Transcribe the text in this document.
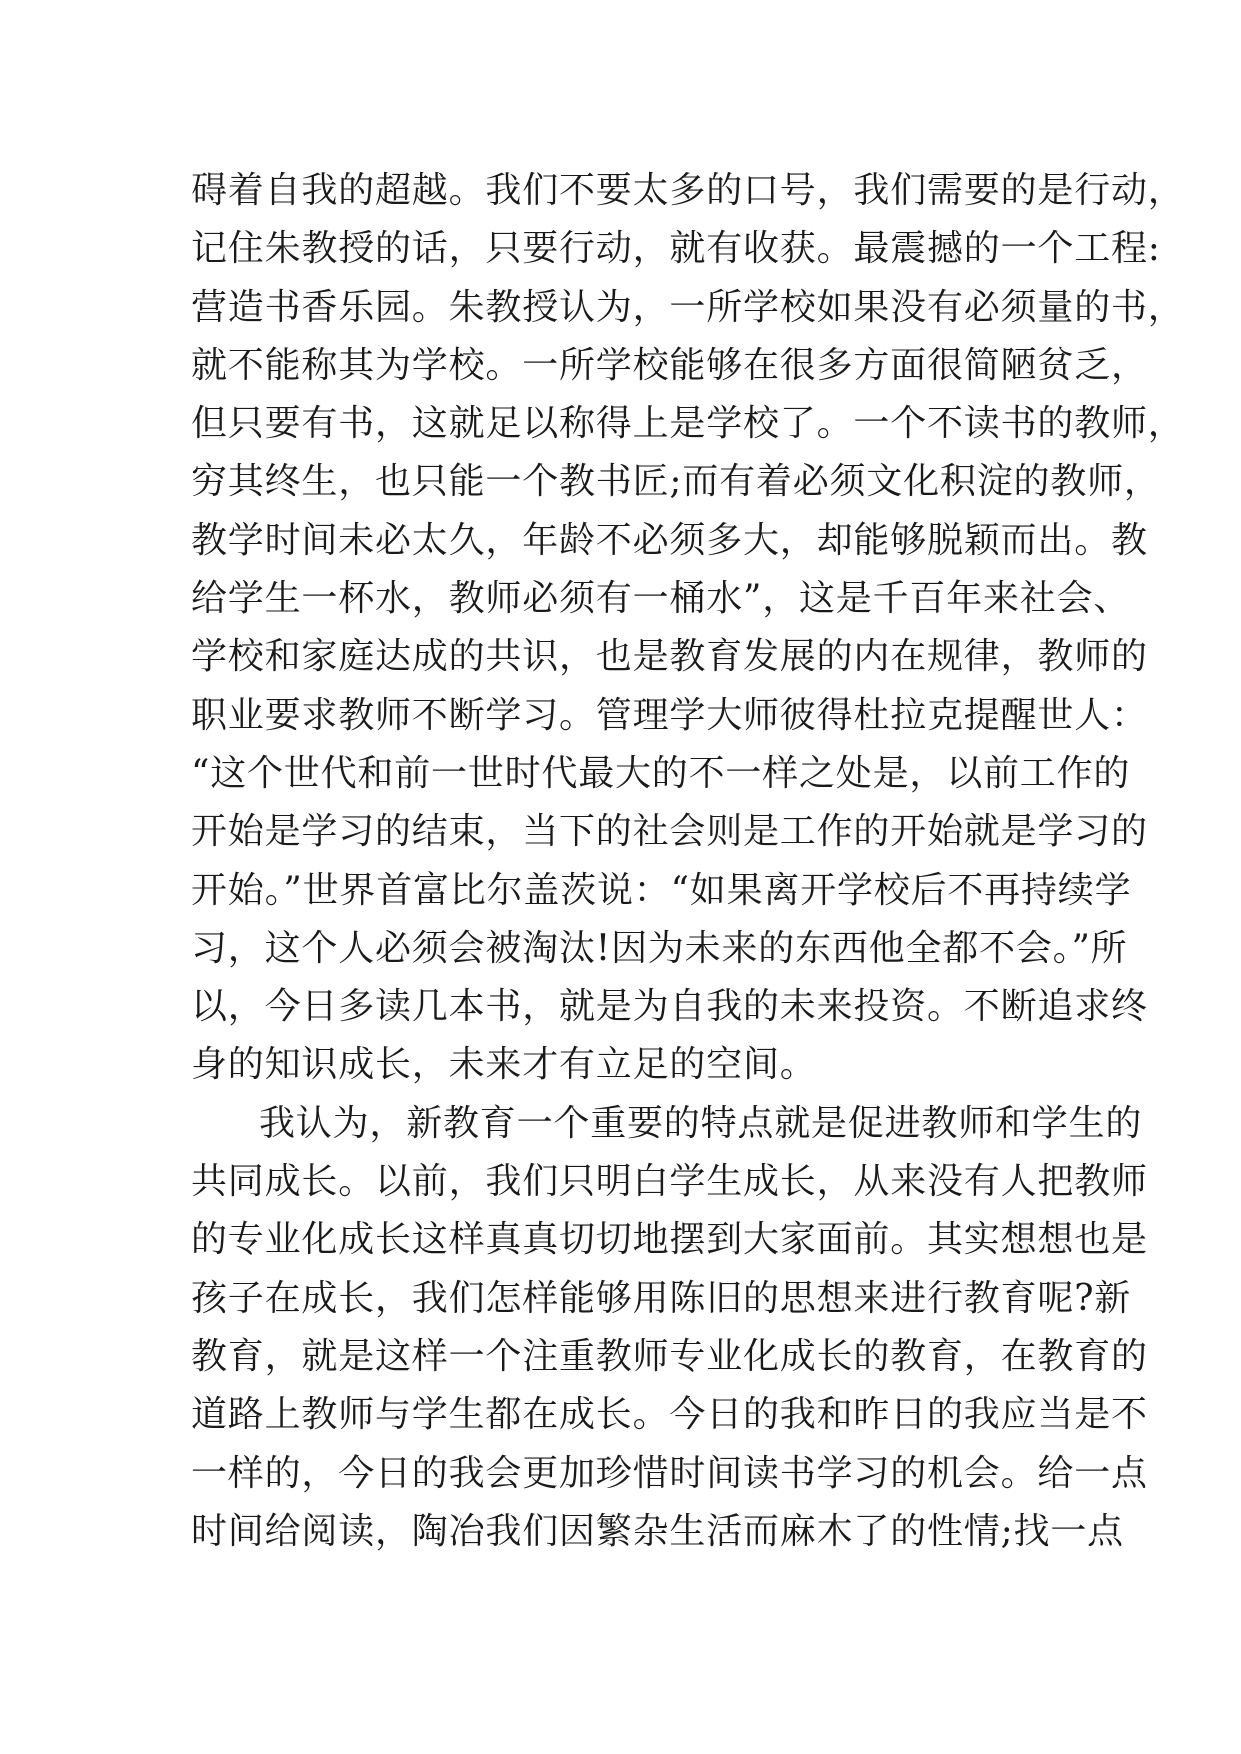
碍着自我的超越。我们不要太多的口号，我们需要的是行动，
记住朱教授的话，只要行动，就有收获。最震撼的一个工程:
营造书香乐园。朱教授认为，一所学校如果没有必须量的书，
就不能称其为学校。一所学校能够在很多方面很简陋贫乏，
但只要有书，这就足以称得上是学校了。一个不读书的教师，
穷其终生，也只能一个教书匠;而有着必须文化积淀的教师，
教学时间未必太久，年龄不必须多大，却能够脱颖而出。教
给学生一杯水，教师必须有一桶水”，这是千百年来社会、
学校和家庭达成的共识，也是教育发展的内在规律，教师的
职业要求教师不断学习。管理学大师彼得杜拉克提醒世人：
“这个世代和前一世时代最大的不一样之处是，以前工作的
开始是学习的结束，当下的社会则是工作的开始就是学习的
开始。”世界首富比尔盖茨说：“如果离开学校后不再持续学
习，这个人必须会被淘汰!因为未来的东西他全都不会。”所
以，今日多读几本书，就是为自我的未来投资。不断追求终
身的知识成长，未来才有立足的空间。
我认为，新教育一个重要的特点就是促进教师和学生的
共同成长。以前，我们只明白学生成长，从来没有人把教师
的专业化成长这样真真切切地摆到大家面前。其实想想也是
孩子在成长，我们怎样能够用陈旧的思想来进行教育呢?新
教育，就是这样一个注重教师专业化成长的教育，在教育的
道路上教师与学生都在成长。今日的我和昨日的我应当是不
一样的，今日的我会更加珍惜时间读书学习的机会。给一点
时间给阅读，陶冶我们因繁杂生活而麻木了的性情;找一点
